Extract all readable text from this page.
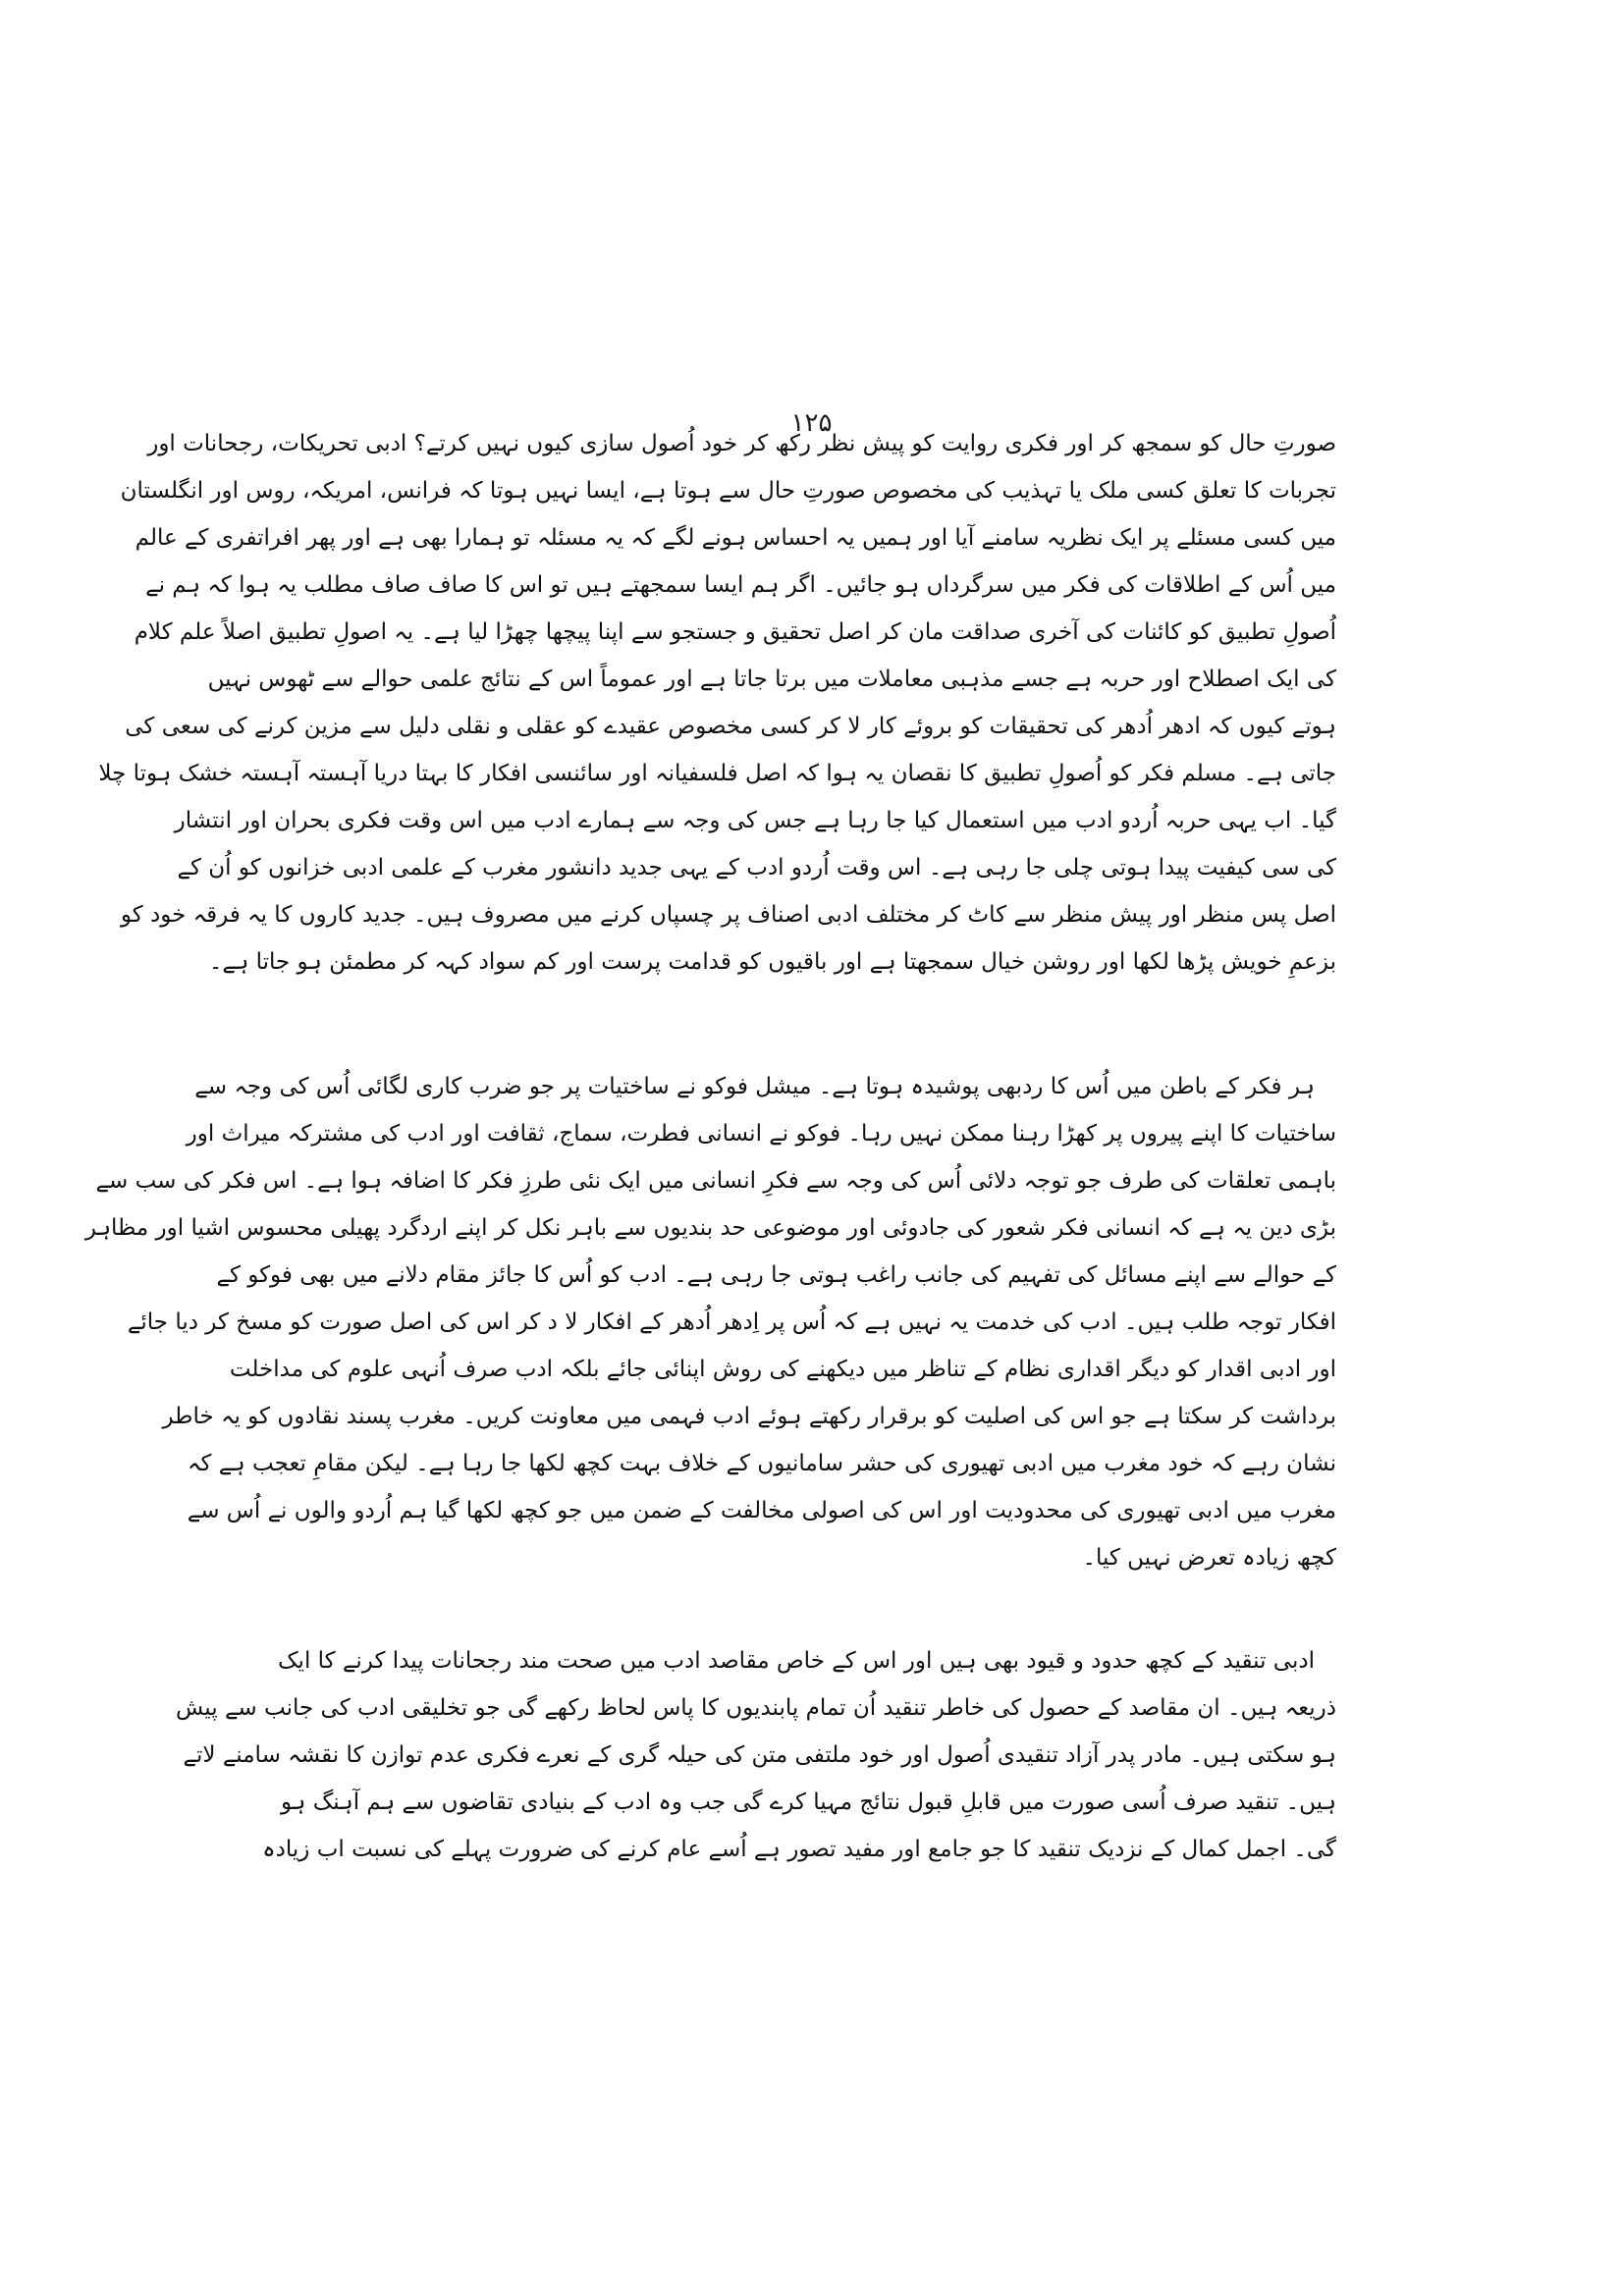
۱۲۵
صورتِ حال کو سمجھ کر اور فکری روایت کو پیش نظر رکھ کر خود اُصول سازی کیوں نہیں کرتے؟ ادبی تحریکات، رجحانات اور
تجربات کا تعلق کسی ملک یا تہذیب کی مخصوص صورتِ حال سے ہوتا ہے، ایسا نہیں ہوتا کہ فرانس، امریکہ، روس اور انگلستان
میں کسی مسئلے پر ایک نظریہ سامنے آیا اور ہمیں یہ احساس ہونے لگے کہ یہ مسئلہ تو ہمارا بھی ہے اور پھر افراتفری کے عالم
میں اُس کے اطلاقات کی فکر میں سرگرداں ہو جائیں۔ اگر ہم ایسا سمجھتے ہیں تو اس کا صاف صاف مطلب یہ ہوا کہ ہم نے
اُصولِ تطبیق کو کائنات کی آخری صداقت مان کر اصل تحقیق و جستجو سے اپنا پیچھا چھڑا لیا ہے۔ یہ اصولِ تطبیق اصلاً علم کلام
کی ایک اصطلاح اور حربہ ہے جسے مذہبی معاملات میں برتا جاتا ہے اور عموماً اس کے نتائج علمی حوالے سے ٹھوس نہیں
ہوتے کیوں کہ ادھر اُدھر کی تحقیقات کو بروئے کار لا کر کسی مخصوص عقیدے کو عقلی و نقلی دلیل سے مزین کرنے کی سعی کی
جاتی ہے۔ مسلم فکر کو اُصولِ تطبیق کا نقصان یہ ہوا کہ اصل فلسفیانہ اور سائنسی افکار کا بہتا دریا آہستہ آہستہ خشک ہوتا چلا
گیا۔ اب یہی حربہ اُردو ادب میں استعمال کیا جا رہا ہے جس کی وجہ سے ہمارے ادب میں اس وقت فکری بحران اور انتشار
کی سی کیفیت پیدا ہوتی چلی جا رہی ہے۔ اس وقت اُردو ادب کے یہی جدید دانشور مغرب کے علمی ادبی خزانوں کو اُن کے
اصل پس منظر اور پیش منظر سے کاٹ کر مختلف ادبی اصناف پر چسپاں کرنے میں مصروف ہیں۔ جدید کاروں کا یہ فرقہ خود کو
بزعمِ خویش پڑھا لکھا اور روشن خیال سمجھتا ہے اور باقیوں کو قدامت پرست اور کم سواد کہہ کر مطمئن ہو جاتا ہے۔
ہر فکر کے باطن میں اُس کا ردبھی پوشیدہ ہوتا ہے۔ میشل فوکو نے ساختیات پر جو ضرب کاری لگائی اُس کی وجہ سے
ساختیات کا اپنے پیروں پر کھڑا رہنا ممکن نہیں رہا۔ فوکو نے انسانی فطرت، سماج، ثقافت اور ادب کی مشترکہ میراث اور
باہمی تعلقات کی طرف جو توجہ دلائی اُس کی وجہ سے فکرِ انسانی میں ایک نئی طرزِ فکر کا اضافہ ہوا ہے۔ اس فکر کی سب سے
بڑی دین یہ ہے کہ انسانی فکر شعور کی جادوئی اور موضوعی حد بندیوں سے باہر نکل کر اپنے اردگرد پھیلی محسوس اشیا اور مظاہر
کے حوالے سے اپنے مسائل کی تفہیم کی جانب راغب ہوتی جا رہی ہے۔ ادب کو اُس کا جائز مقام دلانے میں بھی فوکو کے
افکار توجہ طلب ہیں۔ ادب کی خدمت یہ نہیں ہے کہ اُس پر اِدھر اُدھر کے افکار لا د کر اس کی اصل صورت کو مسخ کر دیا جائے
اور ادبی اقدار کو دیگر اقداری نظام کے تناظر میں دیکھنے کی روش اپنائی جائے بلکہ ادب صرف اُنہی علوم کی مداخلت
برداشت کر سکتا ہے جو اس کی اصلیت کو برقرار رکھتے ہوئے ادب فہمی میں معاونت کریں۔ مغرب پسند نقادوں کو یہ خاطر
نشان رہے کہ خود مغرب میں ادبی تھیوری کی حشر سامانیوں کے خلاف بہت کچھ لکھا جا رہا ہے۔ لیکن مقامِ تعجب ہے کہ
مغرب میں ادبی تھیوری کی محدودیت اور اس کی اصولی مخالفت کے ضمن میں جو کچھ لکھا گیا ہم اُردو والوں نے اُس سے
کچھ زیادہ تعرض نہیں کیا۔
ادبی تنقید کے کچھ حدود و قیود بھی ہیں اور اس کے خاص مقاصد ادب میں صحت مند رجحانات پیدا کرنے کا ایک
ذریعہ ہیں۔ ان مقاصد کے حصول کی خاطر تنقید اُن تمام پابندیوں کا پاس لحاظ رکھے گی جو تخلیقی ادب کی جانب سے پیش
ہو سکتی ہیں۔ مادر پدر آزاد تنقیدی اُصول اور خود ملتفی متن کی حیلہ گری کے نعرے فکری عدم توازن کا نقشہ سامنے لاتے
ہیں۔ تنقید صرف اُسی صورت میں قابلِ قبول نتائج مہیا کرے گی جب وہ ادب کے بنیادی تقاضوں سے ہم آہنگ ہو
گی۔ اجمل کمال کے نزدیک تنقید کا جو جامع اور مفید تصور ہے اُسے عام کرنے کی ضرورت پہلے کی نسبت اب زیادہ
